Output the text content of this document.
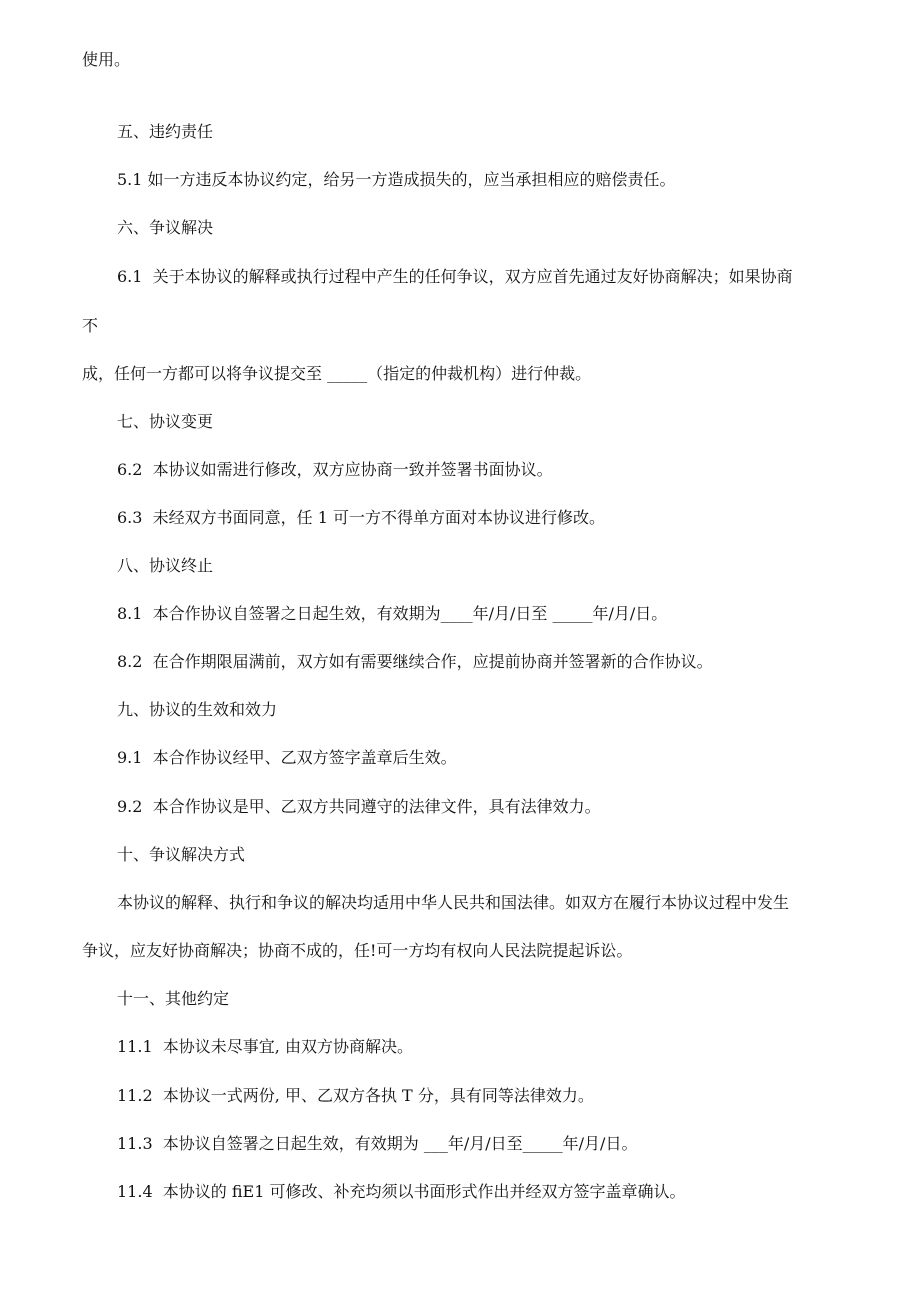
使用。
五、违约责任
5.1 如一方违反本协议约定，给另一方造成损失的，应当承担相应的赔偿责任。
六、争议解决
6.1  关于本协议的解释或执行过程中产生的任何争议，双方应首先通过友好协商解决；如果协商
不
成，任何一方都可以将争议提交至 _____（指定的仲裁机构）进行仲裁。
七、协议变更
6.2  本协议如需进行修改，双方应协商一致并签署书面协议。
6.3  未经双方书面同意，任 1 可一方不得单方面对本协议进行修改。
八、协议终止
8.1  本合作协议自签署之日起生效，有效期为____年/月/日至 _____年/月/日。
8.2  在合作期限届满前，双方如有需要继续合作，应提前协商并签署新的合作协议。
九、协议的生效和效力
9.1  本合作协议经甲、乙双方签字盖章后生效。
9.2  本合作协议是甲、乙双方共同遵守的法律文件，具有法律效力。
十、争议解决方式
本协议的解释、执行和争议的解决均适用中华人民共和国法律。如双方在履行本协议过程中发生
争议，应友好协商解决；协商不成的，任!可一方均有权向人民法院提起诉讼。
十一、其他约定
11.1  本协议未尽事宜, 由双方协商解决。
11.2  本协议一式两份, 甲、乙双方各执 T 分，具有同等法律效力。
11.3  本协议自签署之日起生效，有效期为 ___年/月/日至_____年/月/日。
11.4  本协议的 fiE1 可修改、补充均须以书面形式作出并经双方签字盖章确认。
